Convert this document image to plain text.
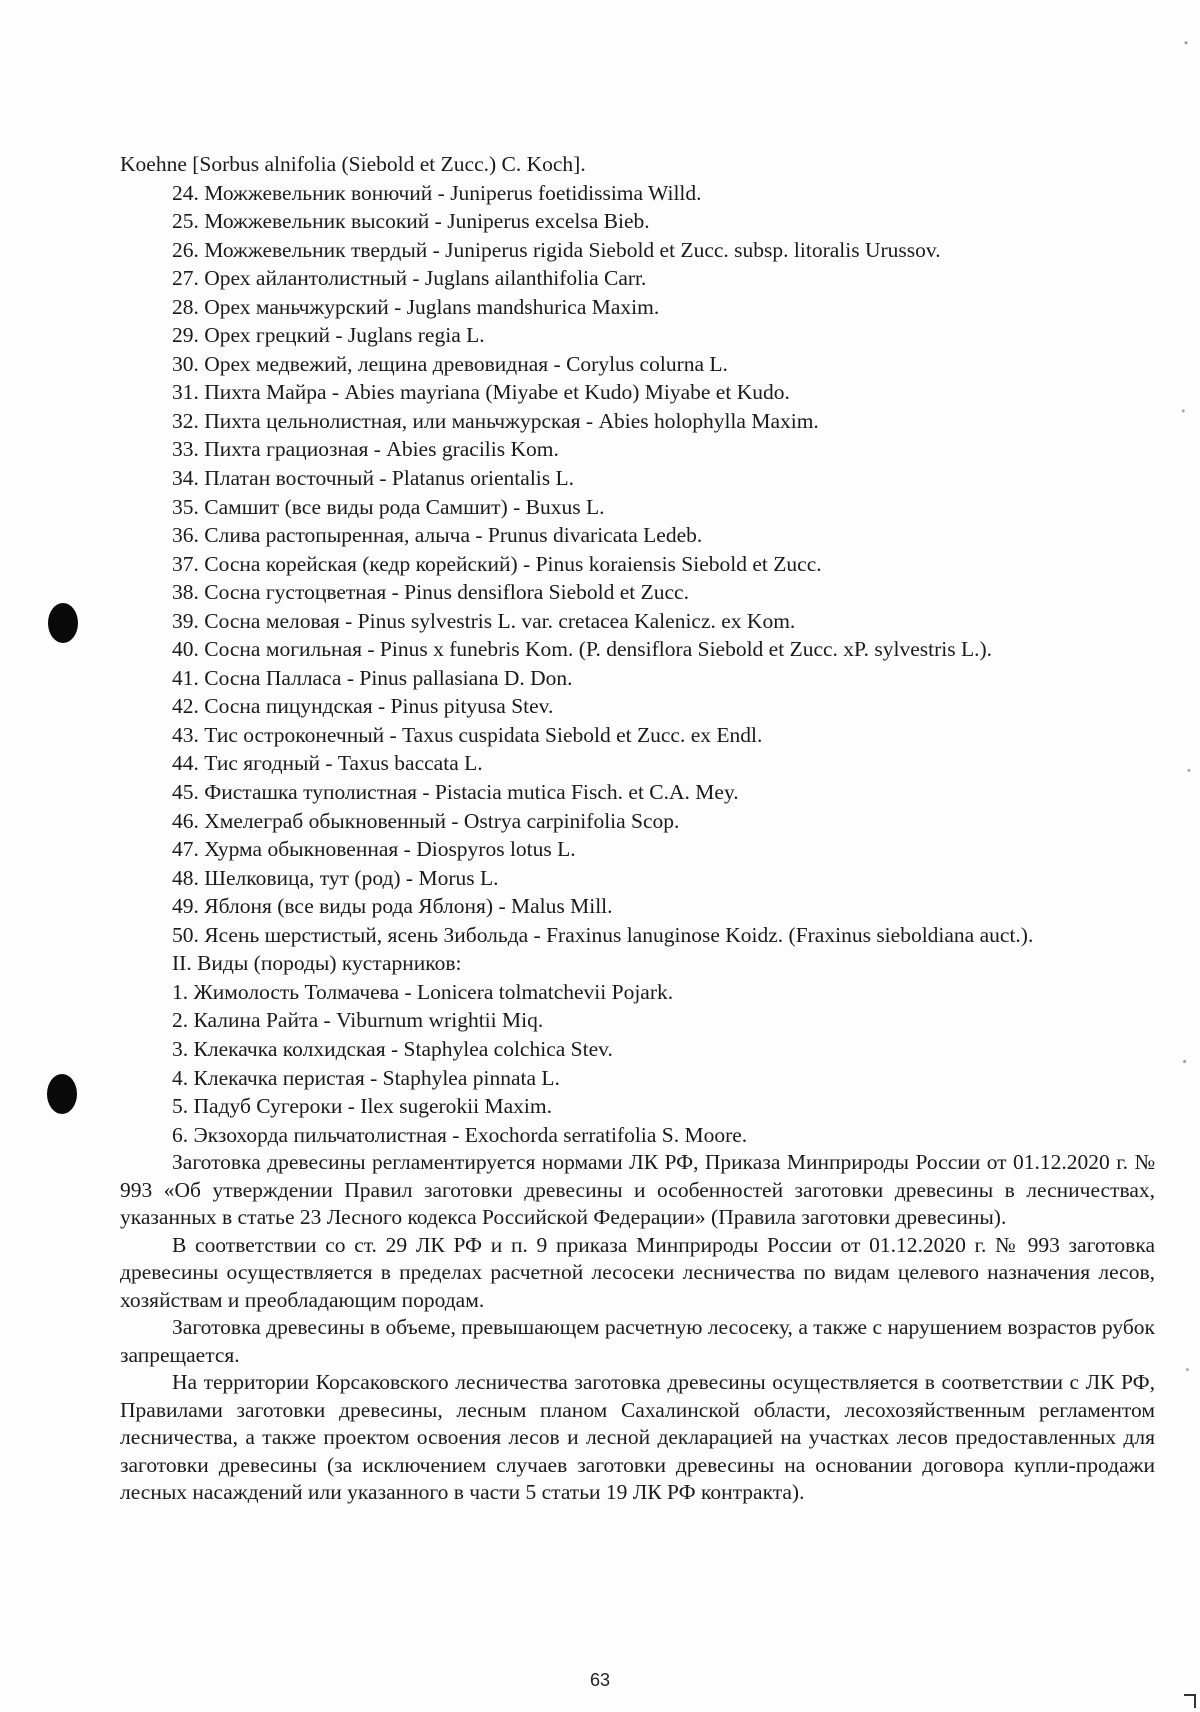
Koehne [Sorbus alnifolia (Siebold et Zucc.) C. Koch].
24. Можжевельник вонючий - Juniperus foetidissima Willd.
25. Можжевельник высокий - Juniperus excelsa Bieb.
26. Можжевельник твердый - Juniperus rigida Siebold et Zucc. subsp. litoralis Urussov.
27. Орех айлантолистный - Juglans ailanthifolia Carr.
28. Орех маньчжурский - Juglans mandshurica Maxim.
29. Орех грецкий - Juglans regia L.
30. Орех медвежий, лещина древовидная - Corylus colurna L.
31. Пихта Майра - Abies mayriana (Miyabe et Kudo) Miyabe et Kudo.
32. Пихта цельнолистная, или маньчжурская - Abies holophylla Maxim.
33. Пихта грациозная - Abies gracilis Kom.
34. Платан восточный - Platanus orientalis L.
35. Самшит (все виды рода Самшит) - Buxus L.
36. Слива растопыренная, алыча - Prunus divaricata Ledeb.
37. Сосна корейская (кедр корейский) - Pinus koraiensis Siebold et Zucc.
38. Сосна густоцветная - Pinus densiflora Siebold et Zucc.
39. Сосна меловая - Pinus sylvestris L. var. cretacea Kalenicz. ex Kom.
40. Сосна могильная - Pinus x funebris Kom. (P. densiflora Siebold et Zucc. xP. sylvestris L.).
41. Сосна Палласа - Pinus pallasiana D. Don.
42. Сосна пицундская - Pinus pityusa Stev.
43. Тис остроконечный - Taxus cuspidata Siebold et Zucc. ex Endl.
44. Тис ягодный - Taxus baccata L.
45. Фисташка туполистная - Pistacia mutica Fisch. et C.A. Mey.
46. Хмелеграб обыкновенный - Ostrya carpinifolia Scop.
47. Хурма обыкновенная - Diospyros lotus L.
48. Шелковица, тут (род) - Morus L.
49. Яблоня (все виды рода Яблоня) - Malus Mill.
50. Ясень шерстистый, ясень Зибольда - Fraxinus lanuginose Koidz. (Fraxinus sieboldiana auct.).
II. Виды (породы) кустарников:
1. Жимолость Толмачева - Lonicera tolmatchevii Pojark.
2. Калина Райта - Viburnum wrightii Miq.
3. Клекачка колхидская - Staphylea colchica Stev.
4. Клекачка перистая - Staphylea pinnata L.
5. Падуб Сугероки - Ilex sugerokii Maxim.
6. Экзохорда пильчатолистная - Exochorda serratifolia S. Moore.

Заготовка древесины регламентируется нормами ЛК РФ, Приказа Минприроды России от 01.12.2020 г. № 993 «Об утверждении Правил заготовки древесины и особенностей заготовки древесины в лесничествах, указанных в статье 23 Лесного кодекса Российской Федерации» (Правила заготовки древесины).

В соответствии со ст. 29 ЛК РФ и п. 9 приказа Минприроды России от 01.12.2020 г. № 993 заготовка древесины осуществляется в пределах расчетной лесосеки лесничества по видам целевого назначения лесов, хозяйствам и преобладающим породам.

Заготовка древесины в объеме, превышающем расчетную лесосеку, а также с нарушением возрастов рубок запрещается.

На территории Корсаковского лесничества заготовка древесины осуществляется в соответствии с ЛК РФ, Правилами заготовки древесины, лесным планом Сахалинской области, лесохозяйственным регламентом лесничества, а также проектом освоения лесов и лесной декларацией на участках лесов предоставленных для заготовки древесины (за исключением случаев заготовки древесины на основании договора купли-продажи лесных насаждений или указанного в части 5 статьи 19 ЛК РФ контракта).

63
